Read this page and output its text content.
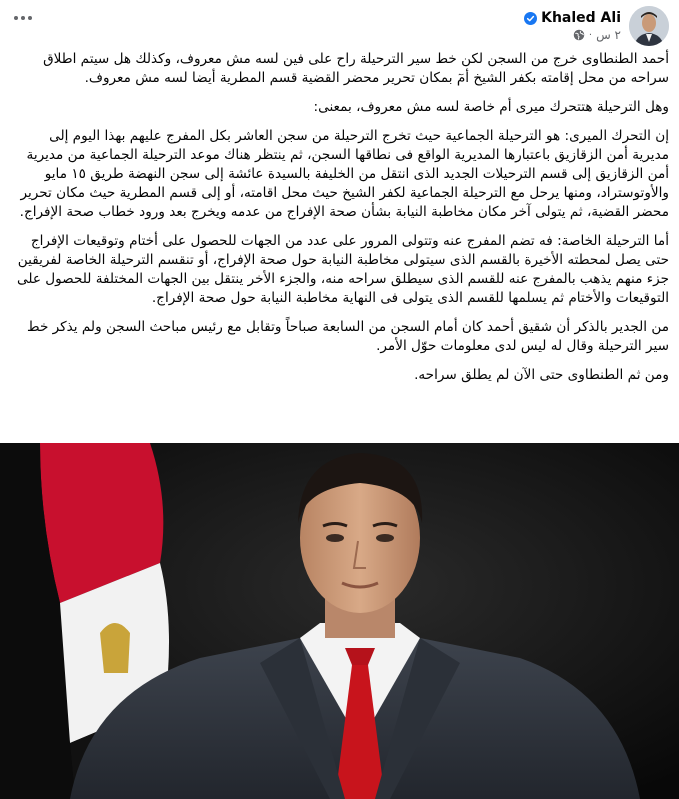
Khaled Ali
٢ س
·

أحمد الطنطاوى خرج من السجن لكن خط سير الترحيلة راح على فين لسه مش معروف، وكذلك هل سيتم اطلاق سراحه من محل إقامته بكفر الشيخ أمٓ بمكان تحرير محضر القضية قسم المطرية أيضا لسه مش معروف.

وهل الترحيلة هتتحرك ميرى أم خاصة لسه مش معروف، بمعنى:

إن التحرك الميرى: هو الترحيلة الجماعية حيث تخرج الترحيلة من سجن العاشر بكل المفرج عليهم بهذا اليوم إلى مديرية أمن الزقازيق باعتبارها المديرية الواقع فى نطاقها السجن، ثم ينتظر هناك موعد الترحيلة الجماعية من مديرية أمن الزقازيق إلى قسم الترحيلات الجديد الذى انتقل من الخليفة بالسيدة عائشة إلى سجن النهضة طريق ١٥ مايو والأوتوستراد، ومنها يرحل مع الترحيلة الجماعية لكفر الشيخ حيث محل اقامته، أو إلى قسم المطرية حيث مكان تحرير محضر القضية، ثم يتولى آخر مكان مخاطبة النيابة بشأن صحة الإفراج من عدمه ويخرج بعد ورود خطاب صحة الإفراج.

أما الترحيلة الخاصة: فه تضم المفرج عنه وتتولى المرور على عدد من الجهات للحصول على أختام وتوقيعات الإفراج حتى يصل لمحطته الأخيرة بالقسم الذى سيتولى مخاطبة النيابة حول صحة الإفراج، أو تنقسم الترحيلة الخاصة لفريقين جزء منهم يذهب بالمفرج عنه للقسم الذى سيطلق سراحه منه، والجزء الأخر ينتقل بين الجهات المختلفة للحصول على التوقيعات والأختام ثم يسلمها للقسم الذى يتولى فى النهاية مخاطبة النيابة حول صحة الإفراج.

من الجدير بالذكر أن شقيق أحمد كان أمام السجن من السابعة صباحاً وتقابل مع رئيس مباحث السجن ولم يذكر خط سير الترحيلة وقال له ليس لدى معلومات حوّل الأمر.

ومن ثم الطنطاوى حتى الآن لم يطلق سراحه.
